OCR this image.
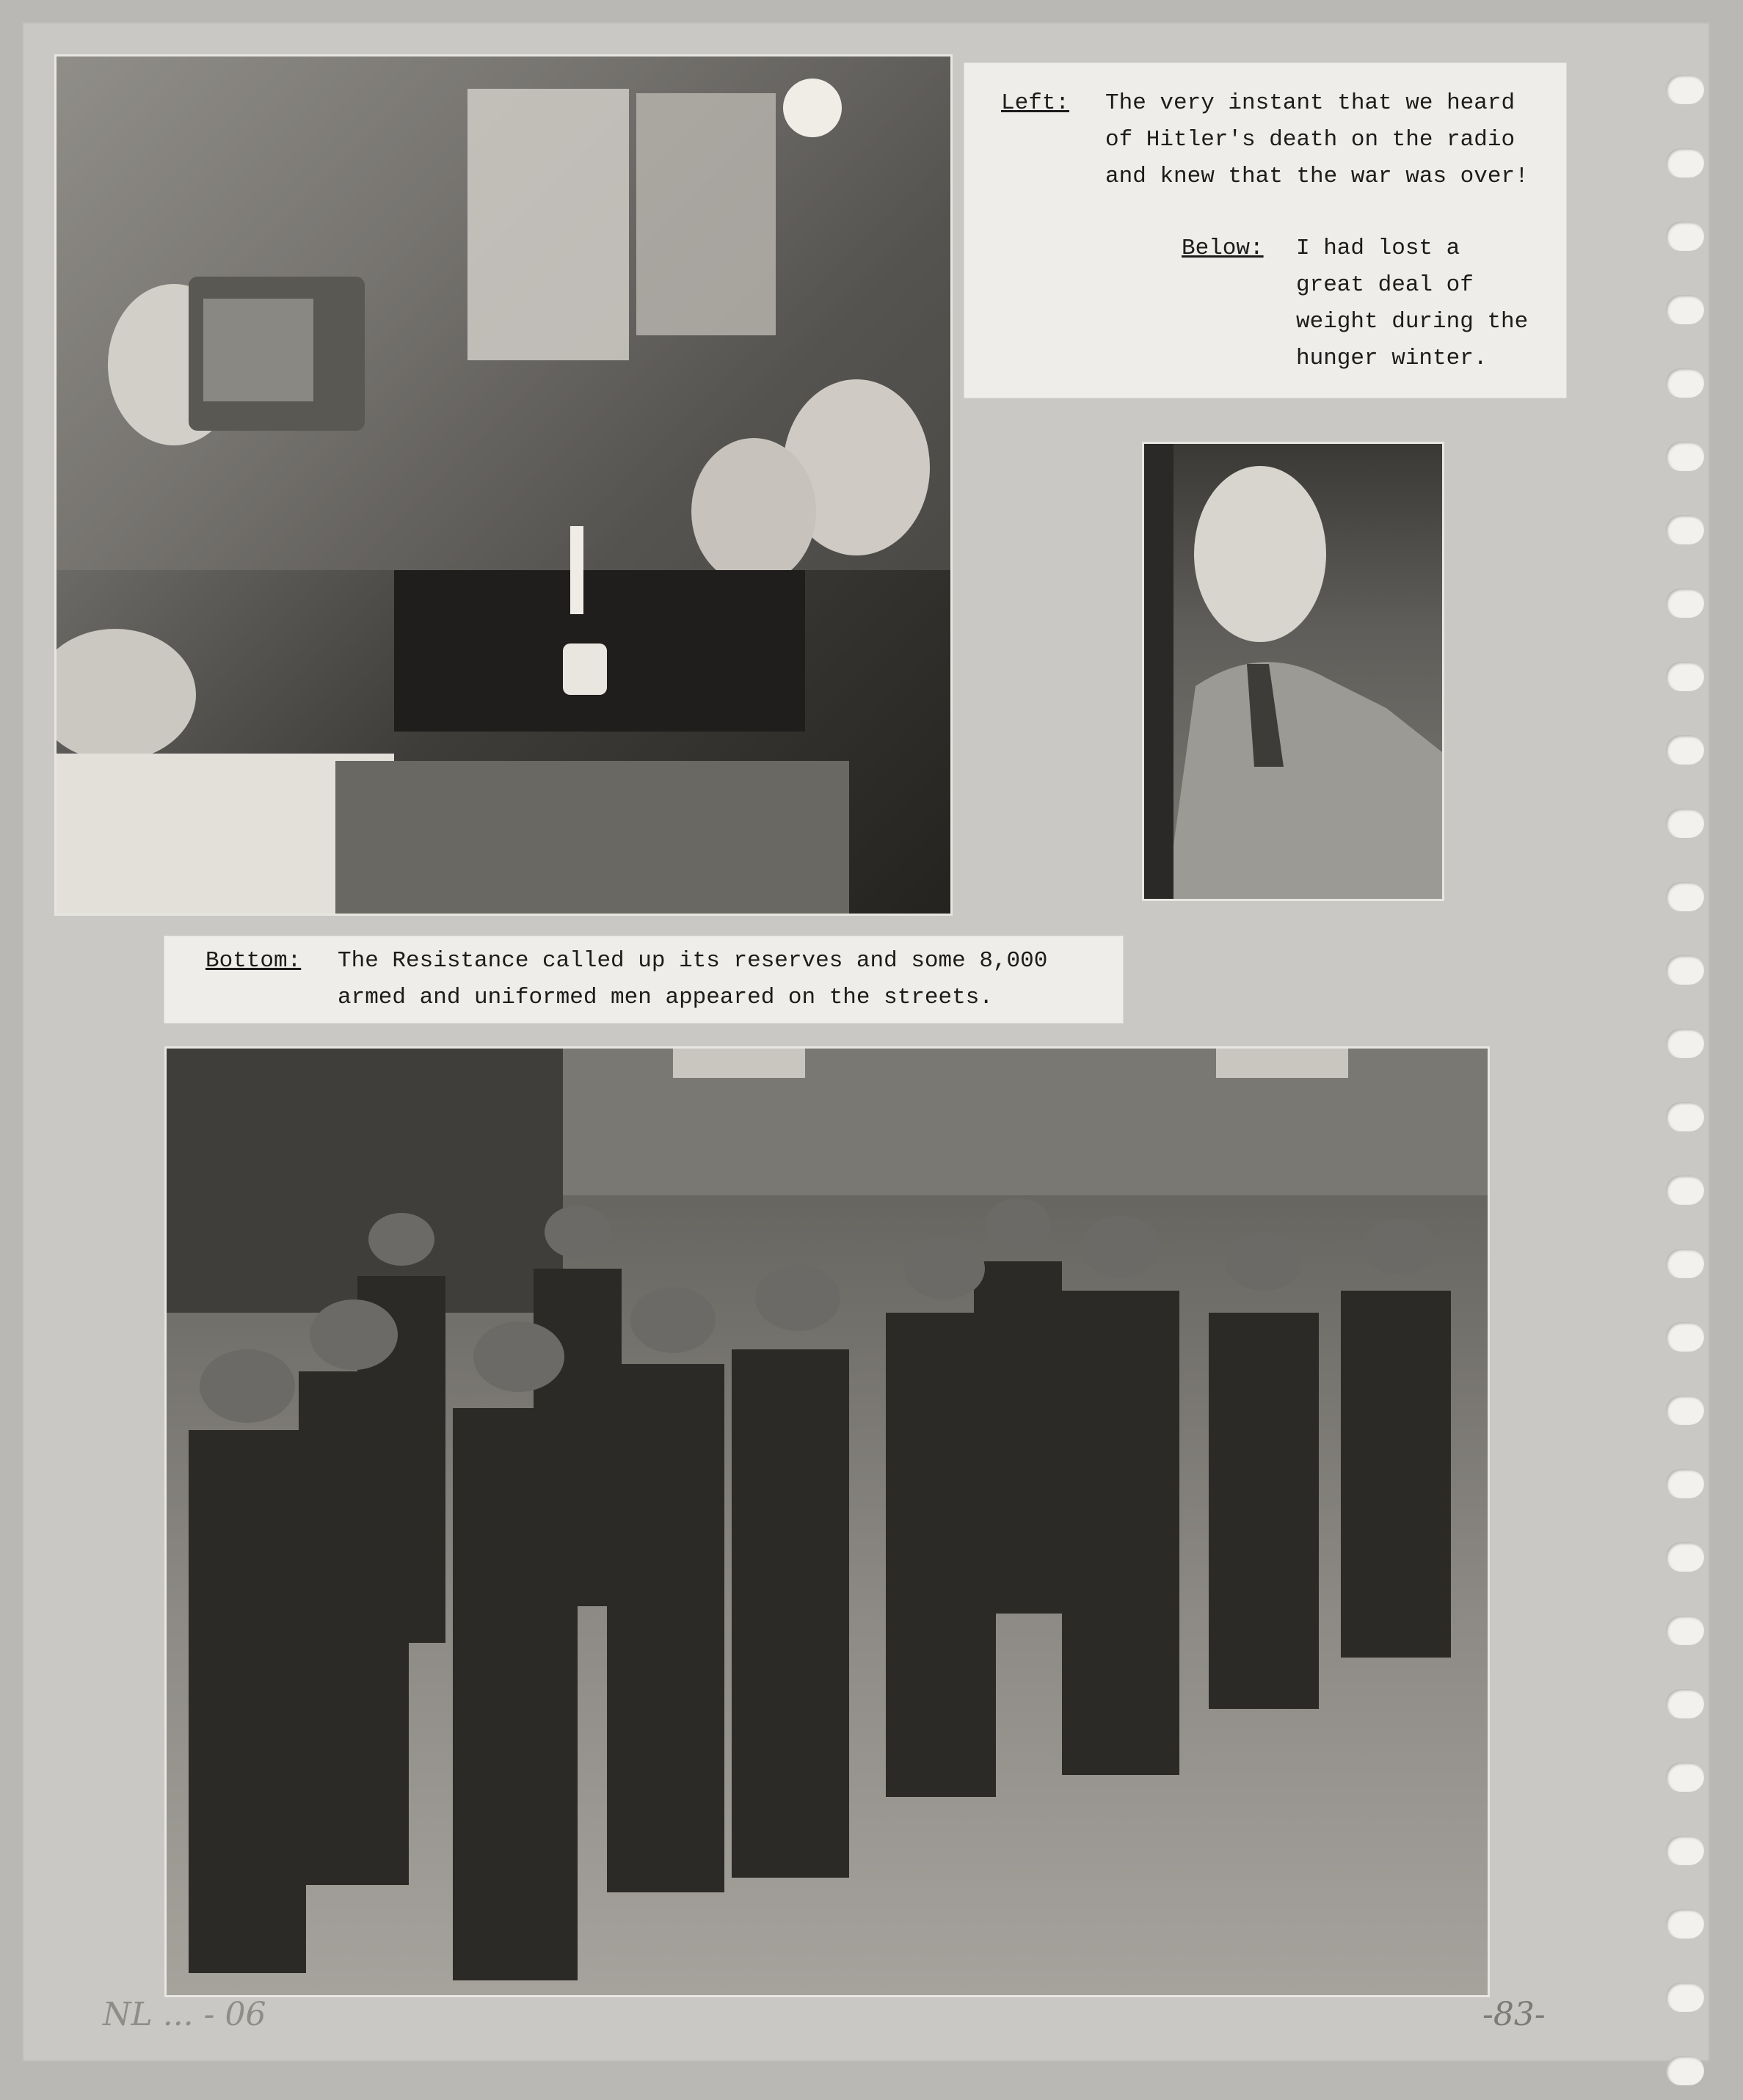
Left: The very instant that we heard
of Hitler's death on the radio
and knew that the war was over!
Below: I had lost a
great deal of
weight during the
hunger winter.
Bottom: The Resistance called up its reserves and some 8,000
armed and uniformed men appeared on the streets.
NL ... - 06	-83-
